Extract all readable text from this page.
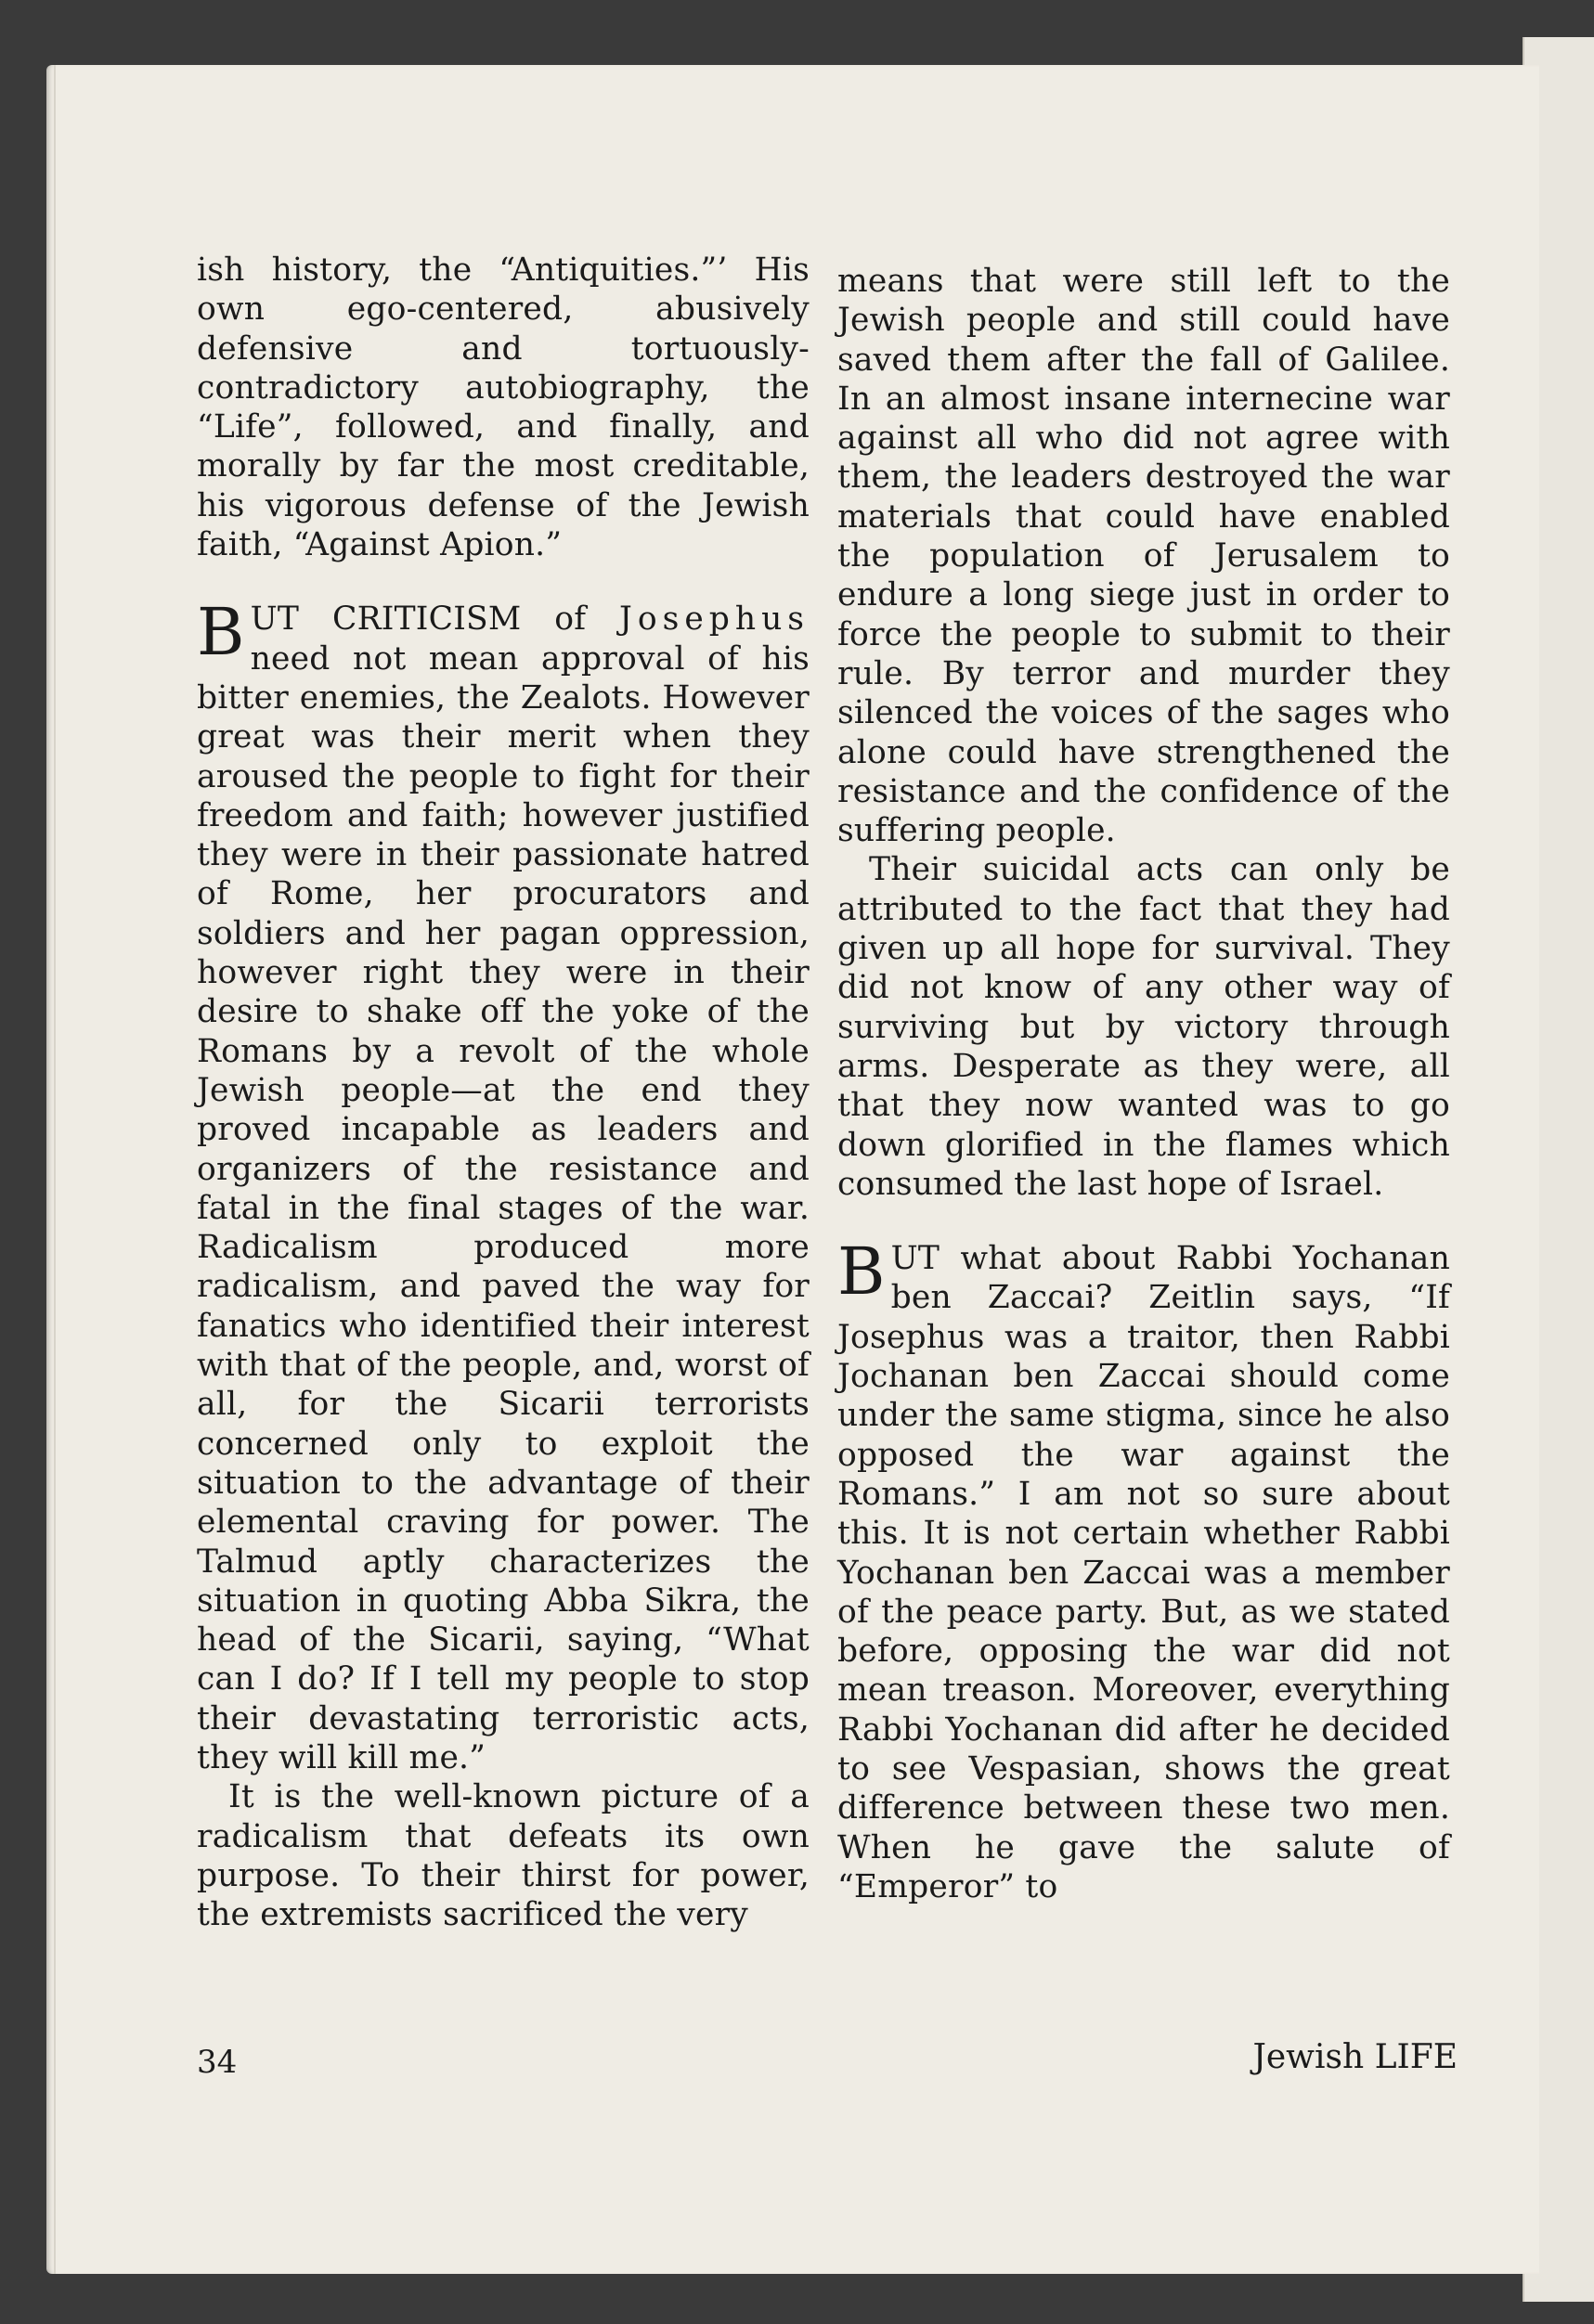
ish history, the “Antiquities.”’ His own ego-centered, abusively defensive and tortuously-contradictory autobiography, the “Life”, followed, and finally, and morally by far the most creditable, his vigorous defense of the Jewish faith, “Against Apion.”

BUT CRITICISM of Josephus need not mean approval of his bitter enemies, the Zealots. However great was their merit when they aroused the people to fight for their freedom and faith; however justified they were in their passionate hatred of Rome, her procurators and soldiers and her pagan oppression, however right they were in their desire to shake off the yoke of the Romans by a revolt of the whole Jewish people—at the end they proved incapable as leaders and organizers of the resistance and fatal in the final stages of the war. Radicalism produced more radicalism, and paved the way for fanatics who identified their interest with that of the people, and, worst of all, for the Sicarii terrorists concerned only to exploit the situation to the advantage of their elemental craving for power. The Talmud aptly characterizes the situation in quoting Abba Sikra, the head of the Sicarii, saying, “What can I do? If I tell my people to stop their devastating terroristic acts, they will kill me.”

It is the well-known picture of a radicalism that defeats its own purpose. To their thirst for power, the extremists sacrificed the very

means that were still left to the Jewish people and still could have saved them after the fall of Galilee. In an almost insane internecine war against all who did not agree with them, the leaders destroyed the war materials that could have enabled the population of Jerusalem to endure a long siege just in order to force the people to submit to their rule. By terror and murder they silenced the voices of the sages who alone could have strengthened the resistance and the confidence of the suffering people.

Their suicidal acts can only be attributed to the fact that they had given up all hope for survival. They did not know of any other way of surviving but by victory through arms. Desperate as they were, all that they now wanted was to go down glorified in the flames which consumed the last hope of Israel.

BUT what about Rabbi Yochanan ben Zaccai? Zeitlin says, “If Josephus was a traitor, then Rabbi Jochanan ben Zaccai should come under the same stigma, since he also opposed the war against the Romans.” I am not so sure about this. It is not certain whether Rabbi Yochanan ben Zaccai was a member of the peace party. But, as we stated before, opposing the war did not mean treason. Moreover, everything Rabbi Yochanan did after he decided to see Vespasian, shows the great difference between these two men. When he gave the salute of “Emperor” to

34	Jewish LIFE
